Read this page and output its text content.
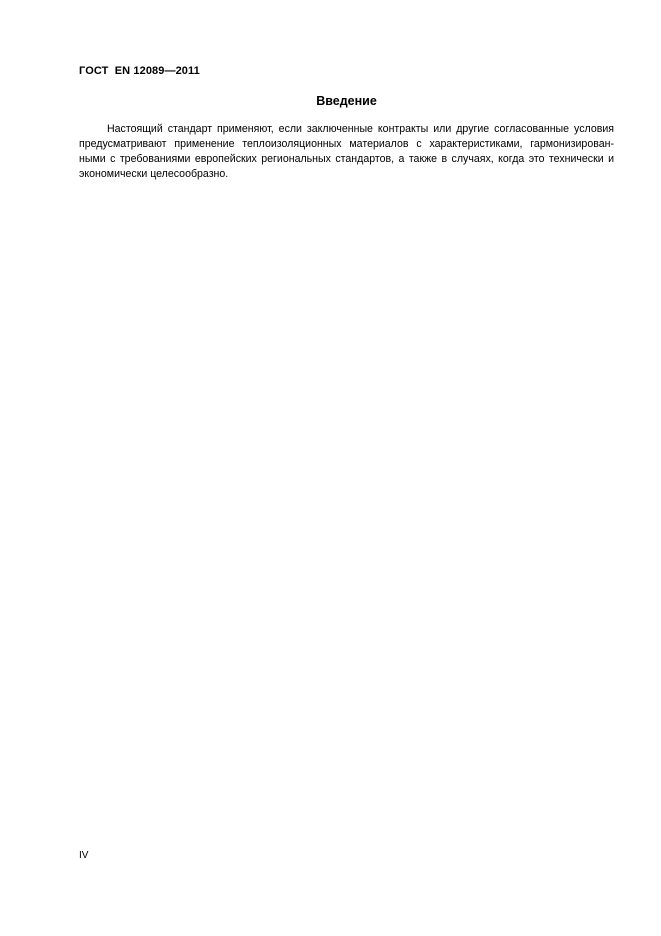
ГОСТ  EN 12089—2011
Введение
Настоящий стандарт применяют, если заключенные контракты или другие согласованные условия
предусматривают применение теплоизоляционных материалов с характеристиками, гармонизирован-
ными с требованиями европейских региональных стандартов, а также в случаях, когда это технически и
экономически целесообразно.
IV
